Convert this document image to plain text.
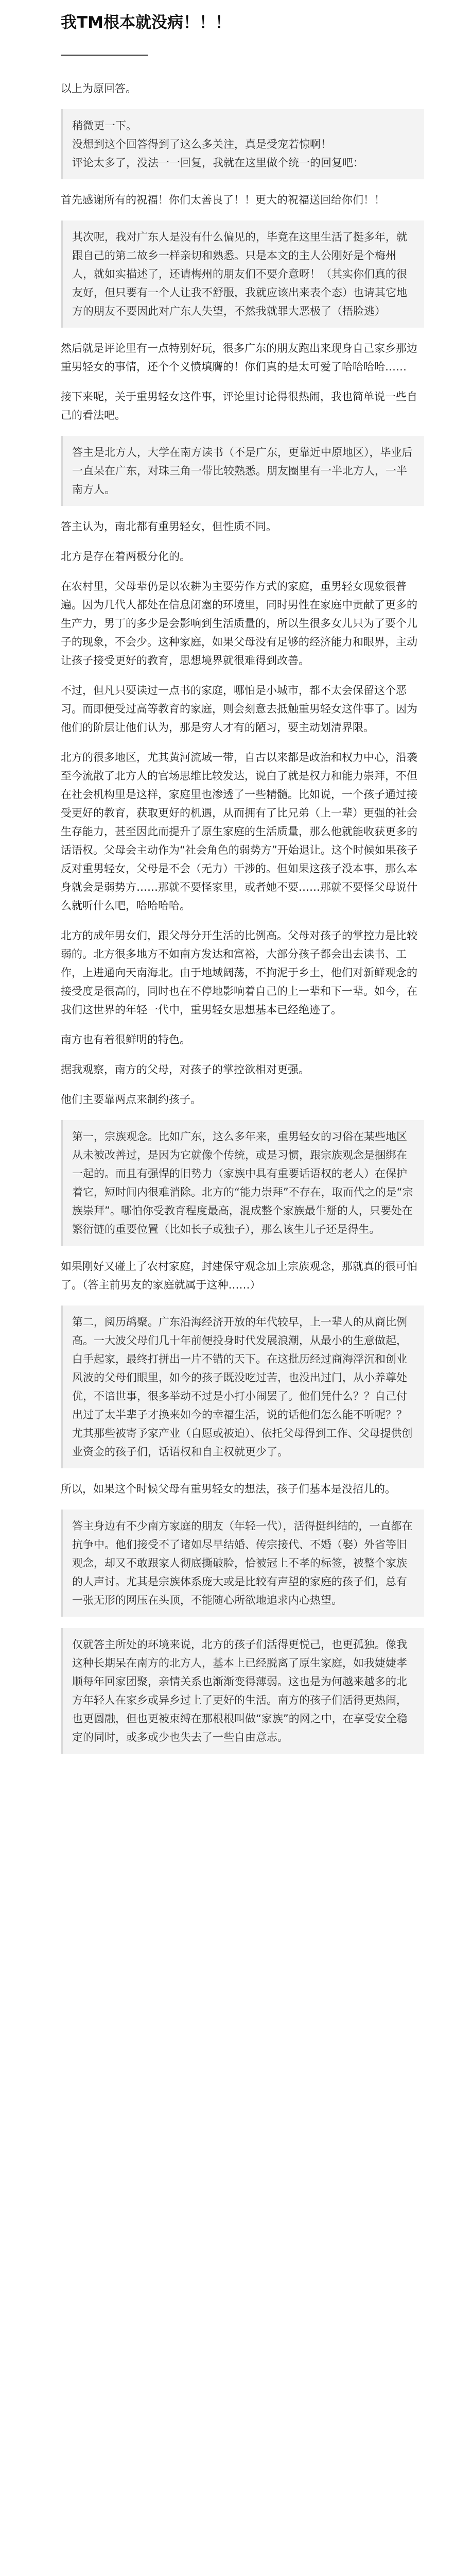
我TM根本就没病！！！

以上为原回答。

稍微更一下。

没想到这个回答得到了这么多关注，真是受宠若惊啊！

评论太多了，没法一一回复，我就在这里做个统一的回复吧：

首先感谢所有的祝福！你们太善良了！！更大的祝福送回给你们！！

其次呢，我对广东人是没有什么偏见的，毕竟在这里生活了挺多年，就跟自己的第二故乡一样亲切和熟悉。只是本文的主人公刚好是个梅州人，就如实描述了，还请梅州的朋友们不要介意呀！（其实你们真的很友好，但只要有一个人让我不舒服，我就应该出来表个态）也请其它地方的朋友不要因此对广东人失望，不然我就罪大恶极了（捂脸逃）

然后就是评论里有一点特别好玩，很多广东的朋友跑出来现身自己家乡那边重男轻女的事情，还个个义愤填膺的！你们真的是太可爱了哈哈哈哈……

接下来呢，关于重男轻女这件事，评论里讨论得很热闹，我也简单说一些自己的看法吧。

答主是北方人，大学在南方读书（不是广东，更靠近中原地区），毕业后一直呆在广东，对珠三角一带比较熟悉。朋友圈里有一半北方人，一半南方人。

答主认为，南北都有重男轻女，但性质不同。

北方是存在着两极分化的。

在农村里，父母辈仍是以农耕为主要劳作方式的家庭，重男轻女现象很普遍。因为几代人都处在信息闭塞的环境里，同时男性在家庭中贡献了更多的生产力，男丁的多少是会影响到生活质量的，所以生很多女儿只为了要个儿子的现象，不会少。这种家庭，如果父母没有足够的经济能力和眼界，主动让孩子接受更好的教育，思想境界就很难得到改善。

不过，但凡只要读过一点书的家庭，哪怕是小城市，都不太会保留这个恶习。而即便受过高等教育的家庭，则会刻意去抵触重男轻女这件事了。因为他们的阶层让他们认为，那是穷人才有的陋习，要主动划清界限。

北方的很多地区，尤其黄河流域一带，自古以来都是政治和权力中心，沿袭至今流散了北方人的官场思维比较发达，说白了就是权力和能力崇拜，不但在社会机构里是这样，家庭里也渗透了一些精髓。比如说，一个孩子通过接受更好的教育，获取更好的机遇，从而拥有了比兄弟（上一辈）更强的社会生存能力，甚至因此而提升了原生家庭的生活质量，那么他就能收获更多的话语权。父母会主动作为“社会角色的弱势方”开始退让。这个时候如果孩子反对重男轻女，父母是不会（无力）干涉的。但如果这孩子没本事，那么本身就会是弱势方……那就不要怪家里，或者她不要……那就不要怪父母说什么就听什么吧，哈哈哈哈。

北方的成年男女们，跟父母分开生活的比例高。父母对孩子的掌控力是比较弱的。北方很多地方不如南方发达和富裕，大部分孩子都会出去读书、工作，上进通向天南海北。由于地域阔荡，不拘泥于乡土，他们对新鲜观念的接受度是很高的，同时也在不停地影响着自己的上一辈和下一辈。如今，在我们这世界的年轻一代中，重男轻女思想基本已经绝迹了。

南方也有着很鲜明的特色。

据我观察，南方的父母，对孩子的掌控欲相对更强。

他们主要靠两点来制约孩子。

第一，宗族观念。比如广东，这么多年来，重男轻女的习俗在某些地区从未被改善过，是因为它就像个传统，或是习惯，跟宗族观念是捆绑在一起的。而且有强悍的旧势力（家族中具有重要话语权的老人）在保护着它，短时间内很难消除。北方的“能力崇拜”不存在，取而代之的是“宗族崇拜”。哪怕你受教育程度最高，混成整个家族最牛掰的人，只要处在繁衍链的重要位置（比如长子或独子），那么该生儿子还是得生。

如果刚好又碰上了农村家庭，封建保守观念加上宗族观念，那就真的很可怕了。（答主前男友的家庭就属于这种……）

第二，阅历鸪聚。广东沿海经济开放的年代较早，上一辈人的从商比例高。一大波父母们几十年前便投身时代发展浪潮，从最小的生意做起，白手起家，最终打拼出一片不错的天下。在这批历经过商海浮沉和创业风波的父母们眼里，如今的孩子既没吃过苦，也没出过门，从小养尊处优，不谙世事，很多举动不过是小打小闹罢了。他们凭什么？？自己付出过了太半辈子才换来如今的幸福生活，说的话他们怎么能不听呢？？尤其那些被寄予家产业（自愿或被迫）、依托父母得到工作、父母提供创业资金的孩子们，话语权和自主权就更少了。

所以，如果这个时候父母有重男轻女的想法，孩子们基本是没招儿的。

答主身边有不少南方家庭的朋友（年轻一代），活得挺纠结的，一直都在抗争中。他们接受不了诸如尽早结婚、传宗接代、不婚（娶）外省等旧观念，却又不敢跟家人彻底撕破脸，恰被冠上不孝的标签，被整个家族的人声讨。尤其是宗族体系庞大或是比较有声望的家庭的孩子们，总有一张无形的网压在头顶，不能随心所欲地追求内心热望。

仅就答主所处的环境来说，北方的孩子们活得更悦己，也更孤独。像我这种长期呆在南方的北方人，基本上已经脱离了原生家庭，如我婕婕孝顺每年回家团聚，亲情关系也渐渐变得薄弱。这也是为何越来越多的北方年轻人在家乡或异乡过上了更好的生活。南方的孩子们活得更热闹，也更圆融，但也更被束缚在那根根叫做“家族”的网之中，在享受安全稳定的同时，或多或少也失去了一些自由意志。
